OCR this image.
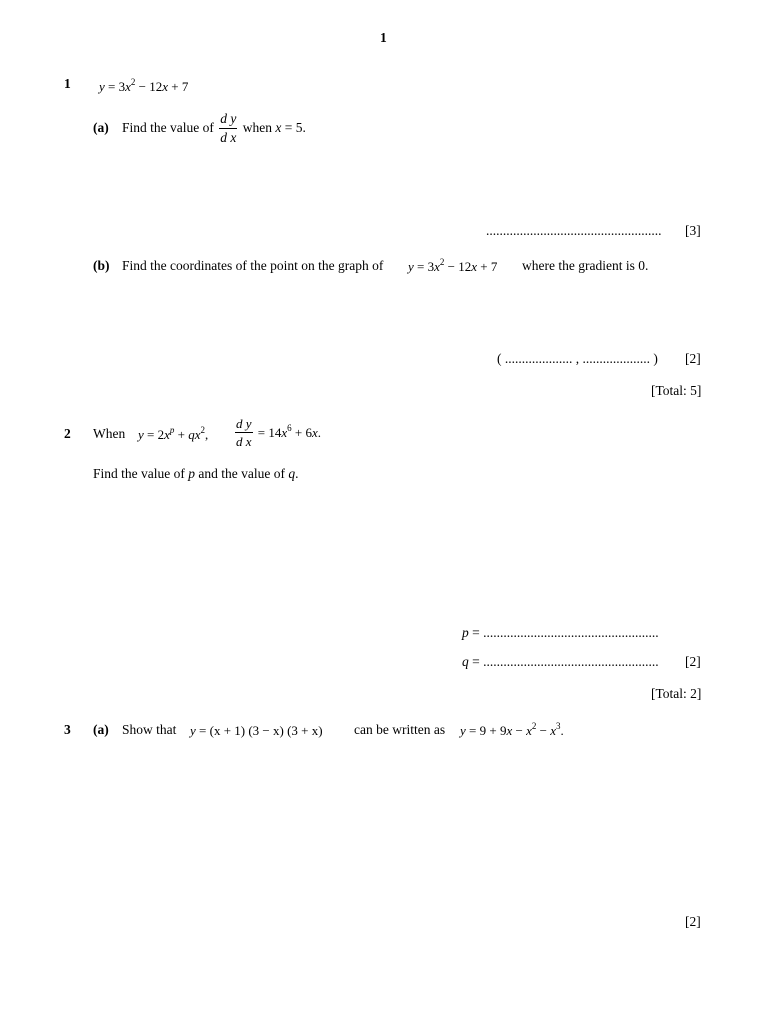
1
1 $y = 3x^2 - 12x + 7$
(a) Find the value of $\frac{\text{d y}}{\text{d x}}$ when x = 5.
.................................................... [3]
(b) Find the coordinates of the point on the graph of $y = 3x^2 - 12x + 7$ where the gradient is 0.
( .................... , .................... ) [2]
[Total: 5]
2 When $y = 2x^p + qx^2$, $\frac{\text{d y}}{\text{d x}} = 14x^6 + 6x$.
Find the value of p and the value of q.
p = ....................................................
q = .................................................... [2]
[Total: 2]
3 (a) Show that y = (x + 1) (3 − x) (3 + x) can be written as $y = 9 + 9x - x^2 - x^3$.
[2]
